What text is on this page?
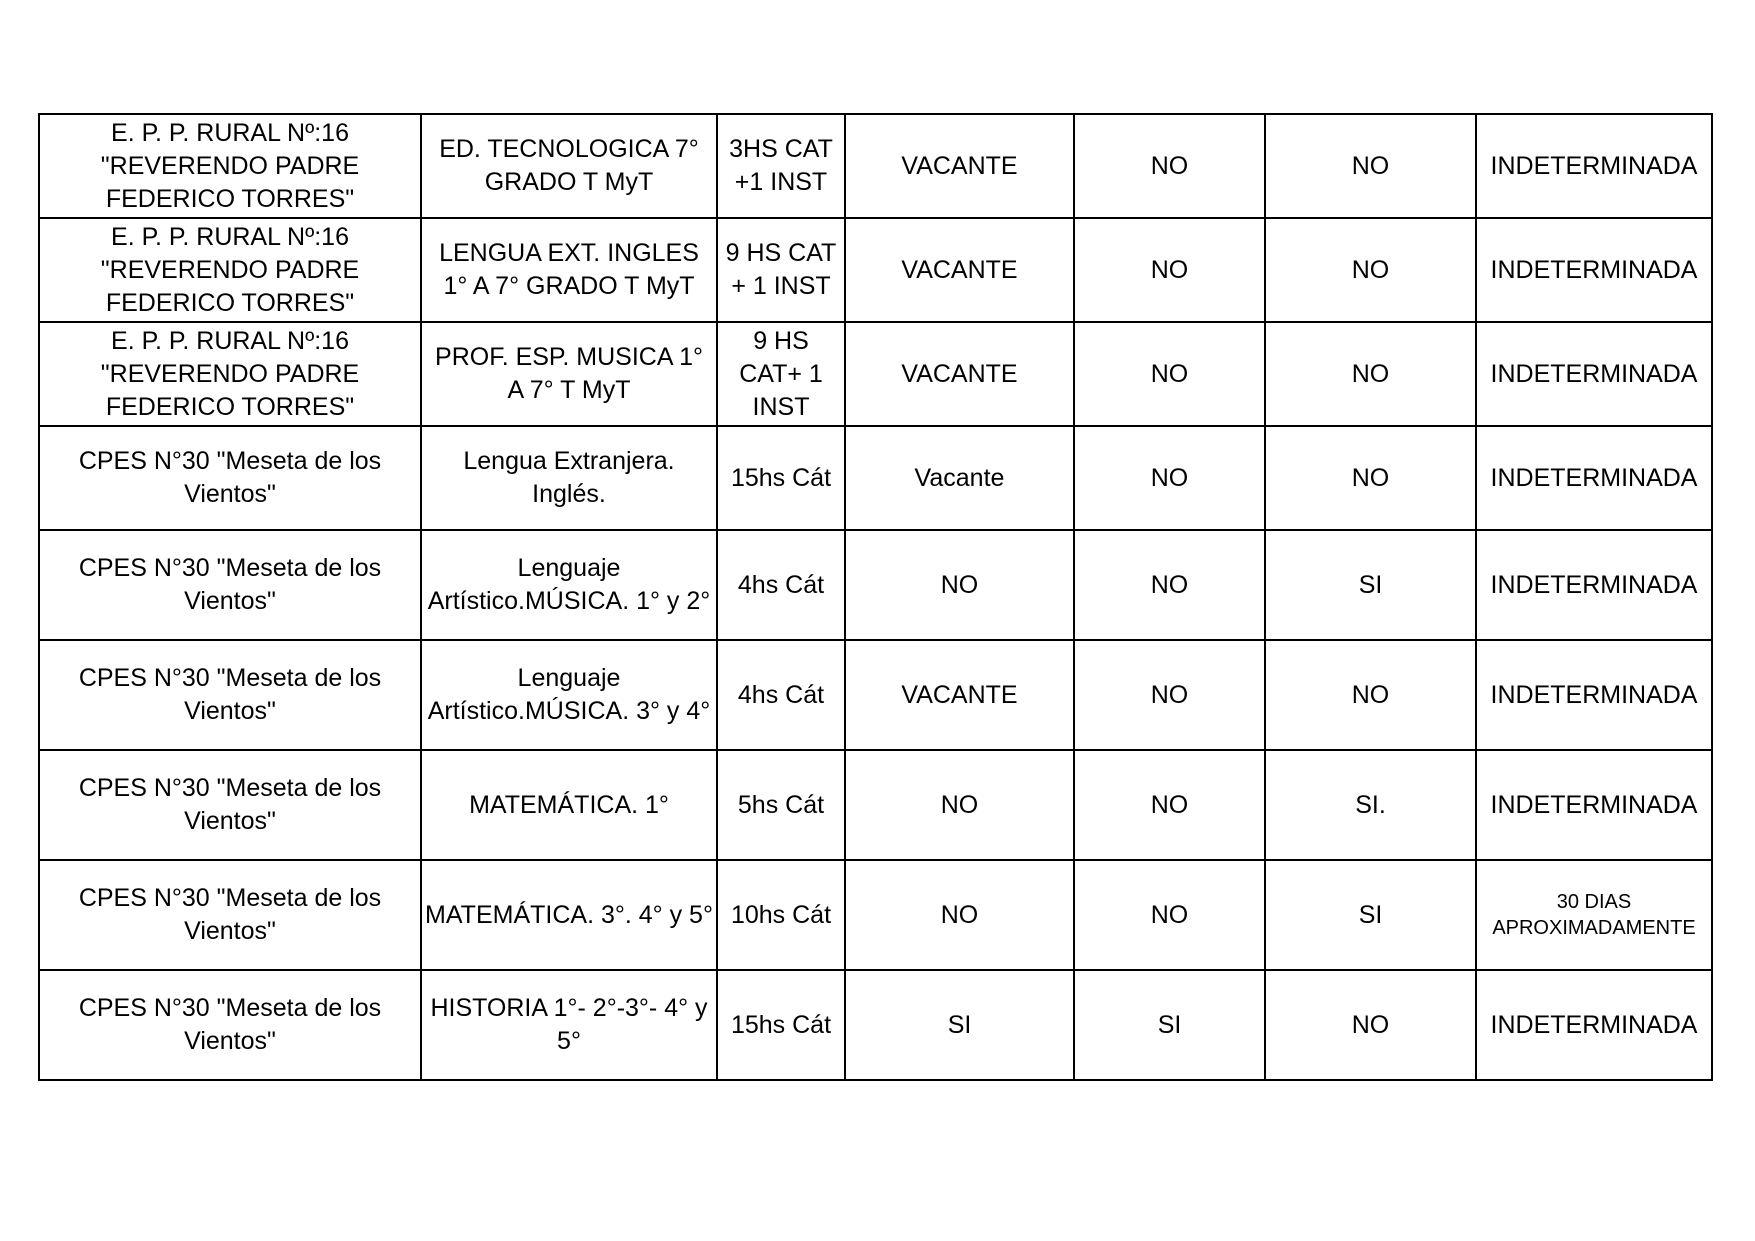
E. P. P. RURAL Nº:16 "REVERENDO PADRE FEDERICO TORRES"	ED. TECNOLOGICA 7° GRADO T MyT	3HS CAT +1 INST	VACANTE	NO	NO	INDETERMINADA

E. P. P. RURAL Nº:16 "REVERENDO PADRE FEDERICO TORRES"	LENGUA EXT. INGLES 1° A 7° GRADO T MyT	9 HS CAT + 1 INST	VACANTE	NO	NO	INDETERMINADA

E. P. P. RURAL Nº:16 "REVERENDO PADRE FEDERICO TORRES"	PROF. ESP. MUSICA 1° A 7° T MyT	9 HS CAT+ 1 INST	VACANTE	NO	NO	INDETERMINADA

CPES N°30 "Meseta de los Vientos"	Lengua Extranjera. Inglés.	15hs Cát	Vacante	NO	NO	INDETERMINADA

CPES N°30 "Meseta de los Vientos"	Lenguaje Artístico.MÚSICA. 1° y 2°	4hs Cát	NO	NO	SI	INDETERMINADA

CPES N°30 "Meseta de los Vientos"	Lenguaje Artístico.MÚSICA. 3° y 4°	4hs Cát	VACANTE	NO	NO	INDETERMINADA

CPES N°30 "Meseta de los Vientos"	MATEMÁTICA. 1°	5hs Cát	NO	NO	SI.	INDETERMINADA

CPES N°30 "Meseta de los Vientos"	MATEMÁTICA. 3°. 4° y 5°	10hs Cát	NO	NO	SI	30 DIAS APROXIMADAMENTE

CPES N°30 "Meseta de los Vientos"	HISTORIA 1°- 2°-3°- 4° y 5°	15hs Cát	SI	SI	NO	INDETERMINADA
